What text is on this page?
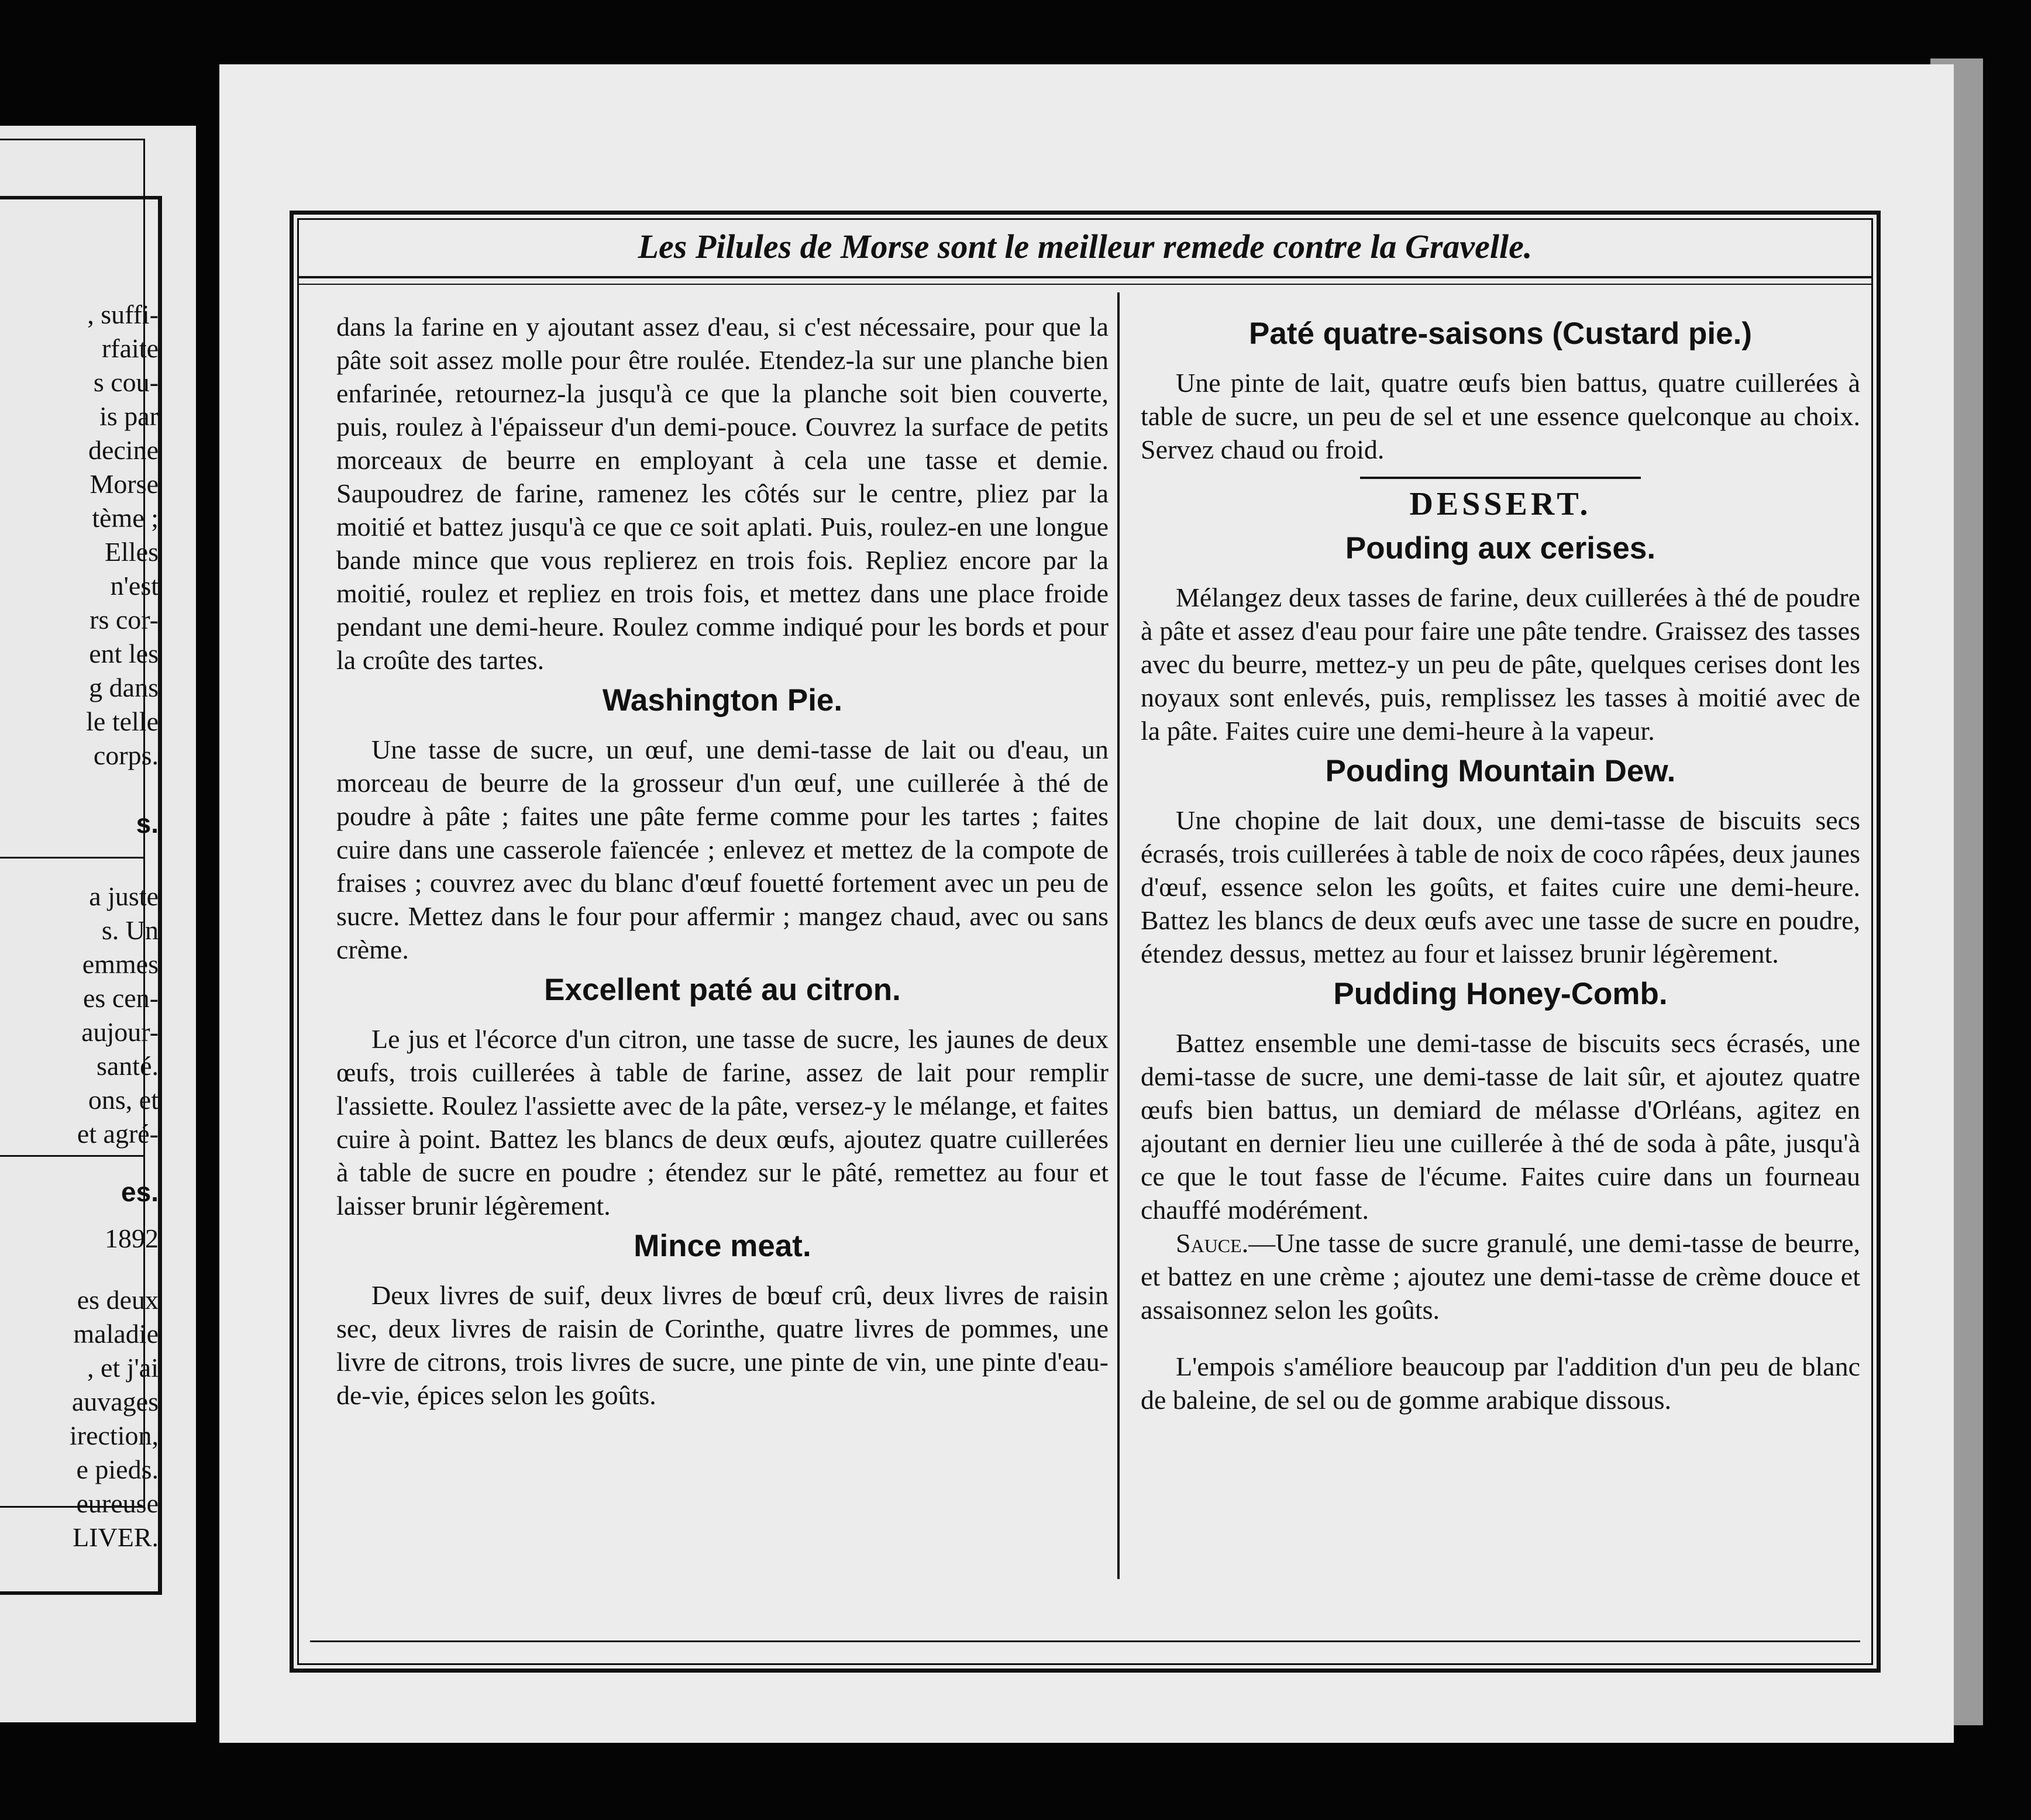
, suffi-
rfaite
s cou-
is par
decine
Morse
tème ;
Elles
n'est
rs cor-
ent les
g dans
le telle
corps.
s.
a juste
s. Un
emmes
es cen-
aujour-
santé.
ons, et
et agré-
es.
1892
es deux
maladie
, et j'ai
auvages
irection,
e pieds.
eureuse
LIVER.
Les Pilules de Morse sont le meilleur remede contre la Gravelle.

dans la farine en y ajoutant assez d'eau, si c'est nécessaire, pour que la pâte soit assez molle pour être roulée. Etendez-la sur une planche bien enfarinée, retournez-la jusqu'à ce que la planche soit bien couverte, puis, roulez à l'épaisseur d'un demi-pouce. Couvrez la surface de petits morceaux de beurre en employant à cela une tasse et demie. Saupoudrez de farine, ramenez les côtés sur le centre, pliez par la moitié et battez jusqu'à ce que ce soit aplati. Puis, roulez-en une longue bande mince que vous replierez en trois fois. Repliez encore par la moitié, roulez et repliez en trois fois, et mettez dans une place froide pendant une demi-heure. Roulez comme indiqué pour les bords et pour la croûte des tartes.

Washington Pie.

Une tasse de sucre, un œuf, une demi-tasse de lait ou d'eau, un morceau de beurre de la grosseur d'un œuf, une cuillerée à thé de poudre à pâte ; faites une pâte ferme comme pour les tartes ; faites cuire dans une casserole faïencée ; enlevez et mettez de la compote de fraises ; couvrez avec du blanc d'œuf fouetté fortement avec un peu de sucre. Mettez dans le four pour affermir ; mangez chaud, avec ou sans crème.

Excellent paté au citron.

Le jus et l'écorce d'un citron, une tasse de sucre, les jaunes de deux œufs, trois cuillerées à table de farine, assez de lait pour remplir l'assiette. Roulez l'assiette avec de la pâte, versez-y le mélange, et faites cuire à point. Battez les blancs de deux œufs, ajoutez quatre cuillerées à table de sucre en poudre ; étendez sur le pâté, remettez au four et laisser brunir légèrement.

Mince meat.

Deux livres de suif, deux livres de bœuf crû, deux livres de raisin sec, deux livres de raisin de Corinthe, quatre livres de pommes, une livre de citrons, trois livres de sucre, une pinte de vin, une pinte d'eau-de-vie, épices selon les goûts.

Paté quatre-saisons (Custard pie.)

Une pinte de lait, quatre œufs bien battus, quatre cuillerées à table de sucre, un peu de sel et une essence quelconque au choix. Servez chaud ou froid.

DESSERT.
Pouding aux cerises.

Mélangez deux tasses de farine, deux cuillerées à thé de poudre à pâte et assez d'eau pour faire une pâte tendre. Graissez des tasses avec du beurre, mettez-y un peu de pâte, quelques cerises dont les noyaux sont enlevés, puis, remplissez les tasses à moitié avec de la pâte. Faites cuire une demi-heure à la vapeur.

Pouding Mountain Dew.

Une chopine de lait doux, une demi-tasse de biscuits secs écrasés, trois cuillerées à table de noix de coco râpées, deux jaunes d'œuf, essence selon les goûts, et faites cuire une demi-heure. Battez les blancs de deux œufs avec une tasse de sucre en poudre, étendez dessus, mettez au four et laissez brunir légèrement.

Pudding Honey-Comb.

Battez ensemble une demi-tasse de biscuits secs écrasés, une demi-tasse de sucre, une demi-tasse de lait sûr, et ajoutez quatre œufs bien battus, un demiard de mélasse d'Orléans, agitez en ajoutant en dernier lieu une cuillerée à thé de soda à pâte, jusqu'à ce que le tout fasse de l'écume. Faites cuire dans un fourneau chauffé modérément.

Sauce.—Une tasse de sucre granulé, une demi-tasse de beurre, et battez en une crème ; ajoutez une demi-tasse de crème douce et assaisonnez selon les goûts.

L'empois s'améliore beaucoup par l'addition d'un peu de blanc de baleine, de sel ou de gomme arabique dissous.
